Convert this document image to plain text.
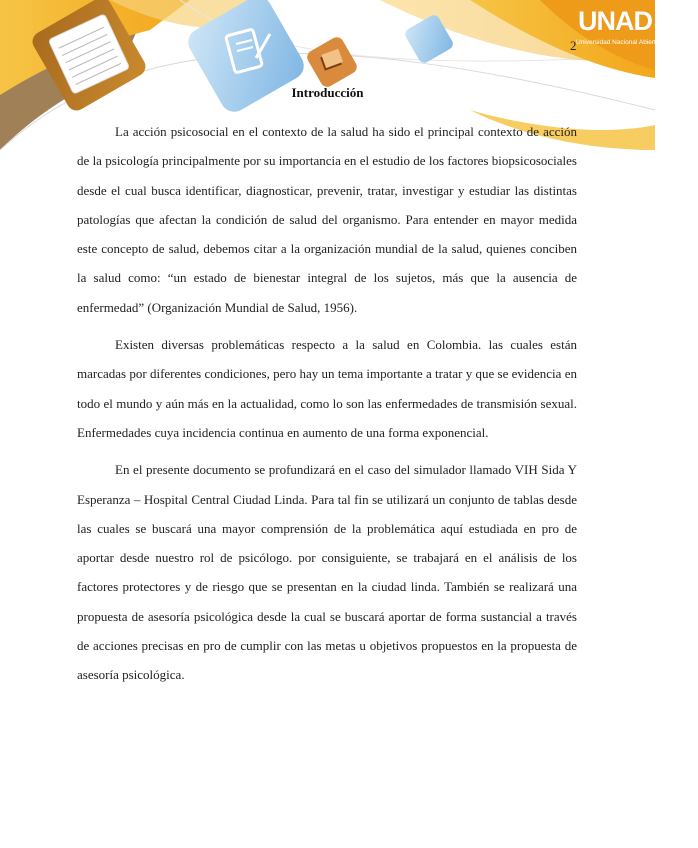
UNAD
Universidad Nacional Abierta y a Distancia
2
Introducción

La acción psicosocial en el contexto de la salud ha sido el principal contexto de acción de la psicología principalmente por su importancia en el estudio de los factores biopsicosociales desde el cual busca identificar, diagnosticar, prevenir, tratar, investigar y estudiar las distintas patologías que afectan la condición de salud del organismo. Para entender en mayor medida este concepto de salud, debemos citar a la organización mundial de la salud, quienes conciben la salud como: “un estado de bienestar integral de los sujetos, más que la ausencia de enfermedad” (Organización Mundial de Salud, 1956).

Existen diversas problemáticas respecto a la salud en Colombia. las cuales están marcadas por diferentes condiciones, pero hay un tema importante a tratar y que se evidencia en todo el mundo y aún más en la actualidad, como lo son las enfermedades de transmisión sexual. Enfermedades cuya incidencia continua en aumento de una forma exponencial.

En el presente documento se profundizará en el caso del simulador llamado VIH Sida Y Esperanza – Hospital Central Ciudad Linda. Para tal fin se utilizará un conjunto de tablas desde las cuales se buscará una mayor comprensión de la problemática aquí estudiada en pro de aportar desde nuestro rol de psicólogo. por consiguiente, se trabajará en el análisis de los factores protectores y de riesgo que se presentan en la ciudad linda. También se realizará una propuesta de asesoría psicológica desde la cual se buscará aportar de forma sustancial a través de acciones precisas en pro de cumplir con las metas u objetivos propuestos en la propuesta de asesoría psicológica.
